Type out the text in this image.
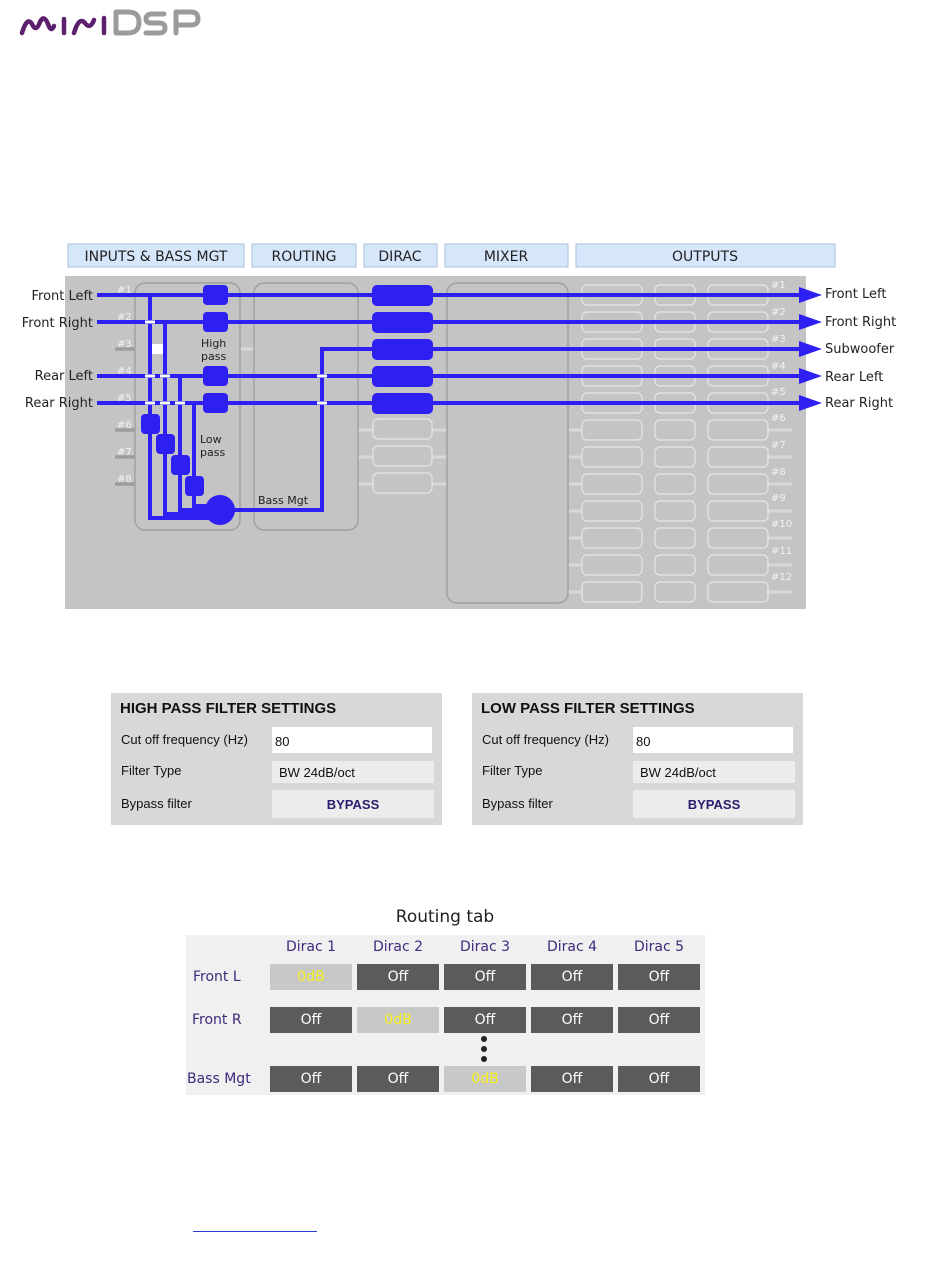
INPUTS & BASS MGT	ROUTING	DIRAC	MIXER	OUTPUTS
#1
#2
#3
#4
#5
#6
#7
#8
#1
#2
#3
#4
#5
#6
#7
#8
#9
#10
#11
#12
High
pass
Low
pass
Bass Mgt
Front Left
Front Right
Rear Left
Rear Right
Front Left
Front Right
Subwoofer
Rear Left
Rear Right
HIGH PASS FILTER SETTINGS
Cut off frequency (Hz) 80
Filter Type	BW 24dB/oct
Bypass filter	BYPASS
LOW PASS FILTER SETTINGS
Cut off frequency (Hz) 80
Filter Type	BW 24dB/oct
Bypass filter	BYPASS
Routing tab
Dirac 1	Dirac 2	Dirac 3	Dirac 4	Dirac 5
Front L	0dB	Off	Off	Off	Off
Front R	Off	0dB	Off	Off	Off
Bass Mgt	Off	Off	0dB	Off	Off
